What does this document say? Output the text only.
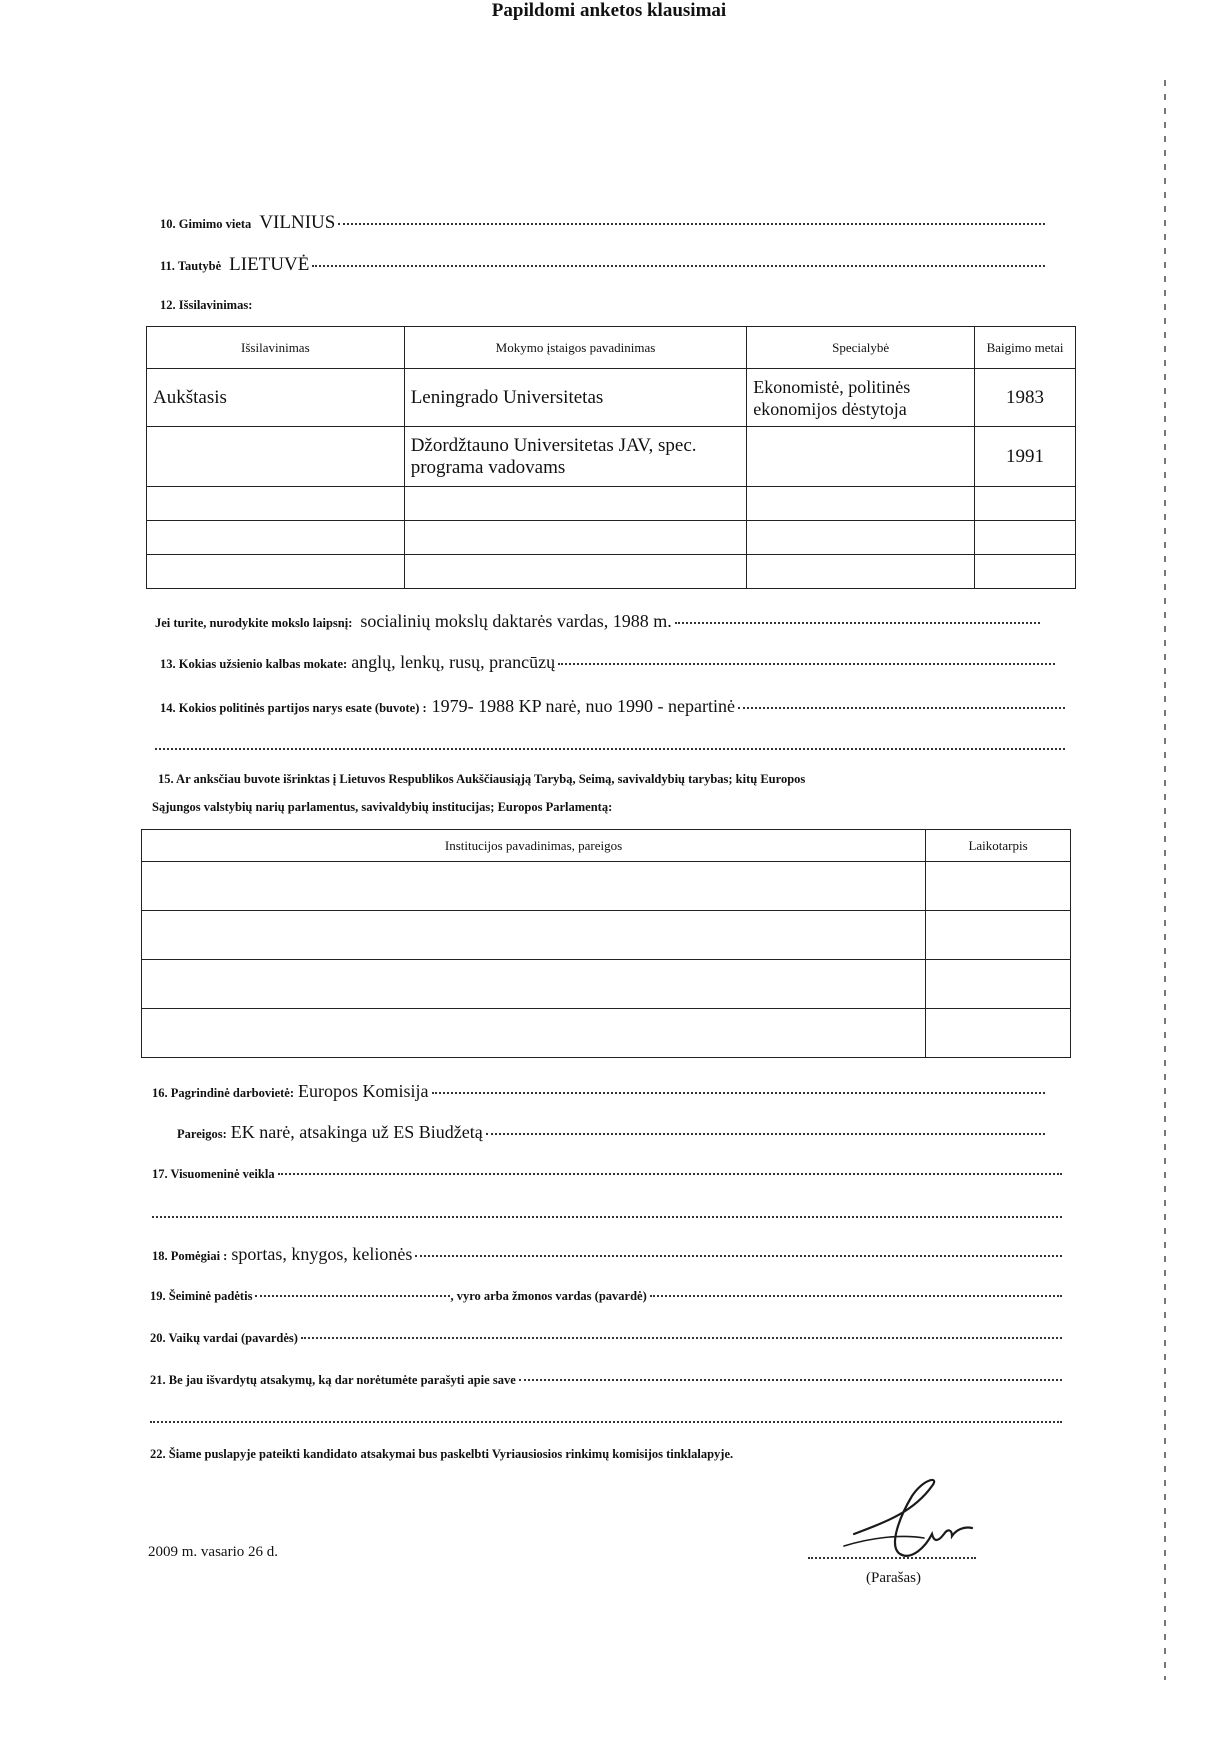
Papildomi anketos klausimai
10. Gimimo vieta VILNIUS
11. Tautybė LIETUVĖ
12. Išsilavinimas:
Išsilavinimas	Mokymo įstaigos pavadinimas	Specialybė	Baigimo metai
Aukštasis	Leningrado Universitetas	Ekonomistė, politinės ekonomijos dėstytoja	1983
	Džordžtauno Universitetas JAV, spec. programa vadovams		1991

Jei turite, nurodykite mokslo laipsnį: socialinių mokslų daktarės vardas, 1988 m.
13. Kokias užsienio kalbas mokate: anglų, lenkų, rusų, prancūzų
14. Kokios politinės partijos narys esate (buvote) : 1979- 1988 KP narė, nuo 1990 - nepartinė
15. Ar anksčiau buvote išrinktas į Lietuvos Respublikos Aukščiausiąją Tarybą, Seimą, savivaldybių tarybas; kitų Europos
Sąjungos valstybių narių parlamentus, savivaldybių institucijas; Europos Parlamentą:
Institucijos pavadinimas, pareigos	Laikotarpis

16. Pagrindinė darbovietė: Europos Komisija
Pareigos: EK narė, atsakinga už ES Biudžetą
17. Visuomeninė veikla
18. Pomėgiai : sportas, knygos, kelionės
19. Šeiminė padėtis	, vyro arba žmonos vardas (pavardė)
20. Vaikų vardai (pavardės)
21. Be jau išvardytų atsakymų, ką dar norėtumėte parašyti apie save
22. Šiame puslapyje pateikti kandidato atsakymai bus paskelbti Vyriausiosios rinkimų komisijos tinklalapyje.
2009 m. vasario 26 d.
(Parašas)
